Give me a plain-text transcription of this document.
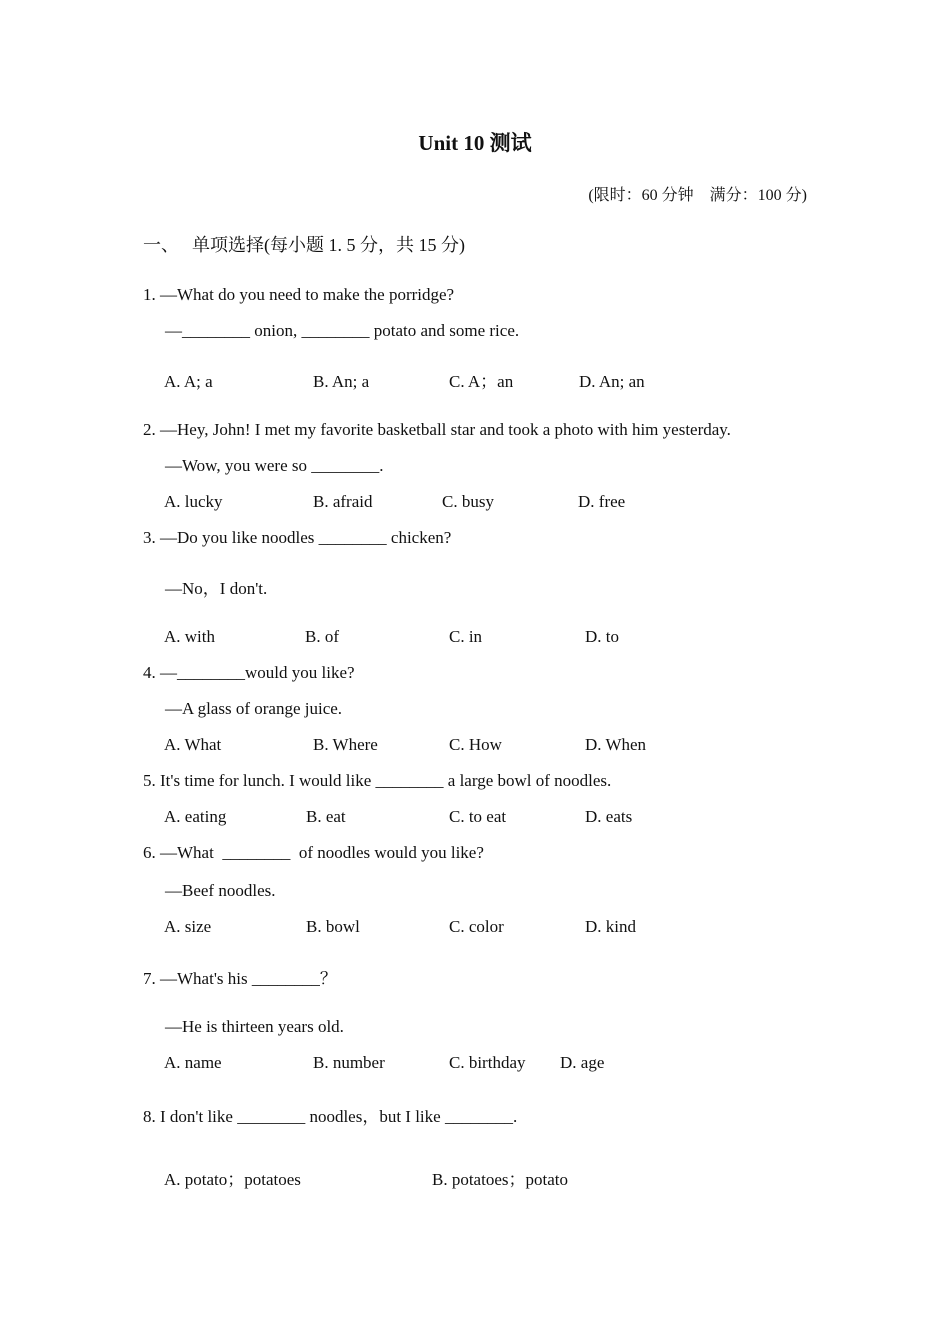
Unit 10 测试
(限时：60 分钟　满分：100 分)
一、 单项选择(每小题 1. 5 分，共 15 分)
1. —What do you need to make the porridge?
—________ onion, ________ potato and some rice.
A. A; a	B. An; a	C. A；an	D. An; an
2. —Hey, John! I met my favorite basketball star and took a photo with him yesterday.
—Wow, you were so ________.
A. lucky	B. afraid	C. busy	D. free
3. —Do you like noodles ________ chicken?
—No，I don't.
A. with	B. of	C. in	D. to
4. —________would you like?
—A glass of orange juice.
A. What	B. Where	C. How	D. When
5. It's time for lunch. I would like ________ a large bowl of noodles.
A. eating	B. eat	C. to eat	D. eats
6. —What  ________  of noodles would you like?
—Beef noodles.
A. size	B. bowl	C. color	D. kind
7. —What's his ________？
—He is thirteen years old.
A. name	B. number	C. birthday D. age
8. I don't like ________ noodles，but I like ________.
A. potato；potatoes	B. potatoes；potato
